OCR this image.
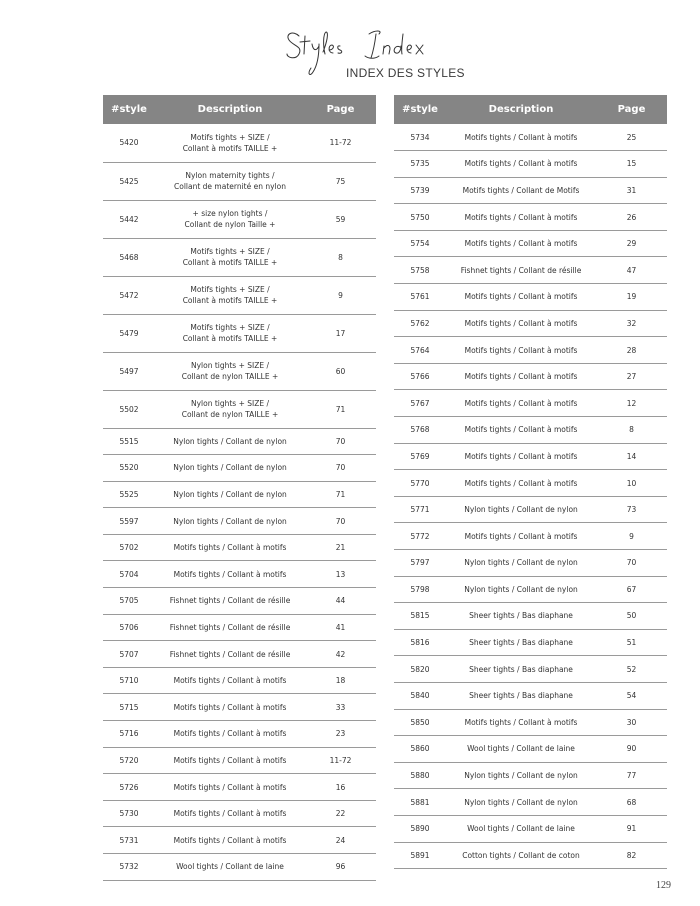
INDEX DES STYLES
#style	Description	Page
5420	Motifs tights + SIZE /
Collant à motifs TAILLE +	11-72
5425	Nylon maternity tights /
Collant de maternité en nylon	75
5442	+ size nylon tights /
Collant de nylon Taille +	59
5468	Motifs tights + SIZE /
Collant à motifs TAILLE +	8
5472	Motifs tights + SIZE /
Collant à motifs TAILLE +	9
5479	Motifs tights + SIZE /
Collant à motifs TAILLE +	17
5497	Nylon tights + SIZE /
Collant de nylon TAILLE +	60
5502	Nylon tights + SIZE /
Collant de nylon TAILLE +	71
5515	Nylon tights / Collant de nylon	70
5520	Nylon tights / Collant de nylon	70
5525	Nylon tights / Collant de nylon	71
5597	Nylon tights / Collant de nylon	70
5702	Motifs tights / Collant à motifs	21
5704	Motifs tights / Collant à motifs	13
5705	Fishnet tights / Collant de résille	44
5706	Fishnet tights / Collant de résille	41
5707	Fishnet tights / Collant de résille	42
5710	Motifs tights / Collant à motifs	18
5715	Motifs tights / Collant à motifs	33
5716	Motifs tights / Collant à motifs	23
5720	Motifs tights / Collant à motifs	11-72
5726	Motifs tights / Collant à motifs	16
5730	Motifs tights / Collant à motifs	22
5731	Motifs tights / Collant à motifs	24
5732	Wool tights / Collant de laine	96
#style	Description	Page
5734	Motifs tights / Collant à motifs	25
5735	Motifs tights / Collant à motifs	15
5739	Motifs tights / Collant de Motifs	31
5750	Motifs tights / Collant à motifs	26
5754	Motifs tights / Collant à motifs	29
5758	Fishnet tights / Collant de résille	47
5761	Motifs tights / Collant à motifs	19
5762	Motifs tights / Collant à motifs	32
5764	Motifs tights / Collant à motifs	28
5766	Motifs tights / Collant à motifs	27
5767	Motifs tights / Collant à motifs	12
5768	Motifs tights / Collant à motifs	8
5769	Motifs tights / Collant à motifs	14
5770	Motifs tights / Collant à motifs	10
5771	Nylon tights / Collant de nylon	73
5772	Motifs tights / Collant à motifs	9
5797	Nylon tights / Collant de nylon	70
5798	Nylon tights / Collant de nylon	67
5815	Sheer tights / Bas diaphane	50
5816	Sheer tights / Bas diaphane	51
5820	Sheer tights / Bas diaphane	52
5840	Sheer tights / Bas diaphane	54
5850	Motifs tights / Collant à motifs	30
5860	Wool tights / Collant de laine	90
5880	Nylon tights / Collant de nylon	77
5881	Nylon tights / Collant de nylon	68
5890	Wool tights / Collant de laine	91
5891	Cotton tights / Collant de coton	82
129
